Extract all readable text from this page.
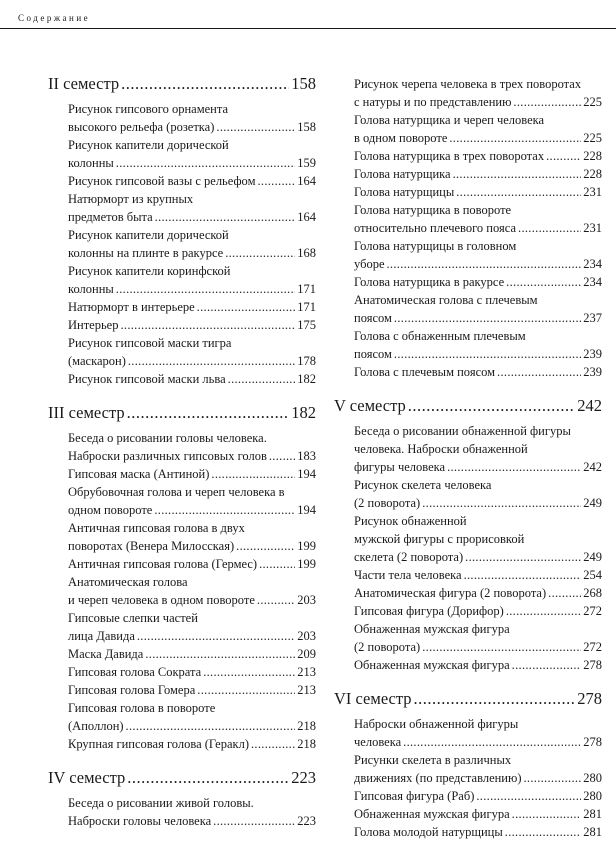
Содержание
II семестр .....	158
Рисунок гипсового орнамента
высокого рельефа (розетка) .....	158
Рисунок капители дорической
колонны .....	159
Рисунок гипсовой вазы с рельефом .....	164
Натюрморт из крупных
предметов быта .....	164
Рисунок капители дорической
колонны на плинте в ракурсе .....	168
Рисунок капители коринфской
колонны .....	171
Натюрморт в интерьере .....	171
Интерьер .....	175
Рисунок гипсовой маски тигра
(маскарон) .....	178
Рисунок гипсовой маски льва .....	182
III семестр .....	182
Беседа о рисовании головы человека.
Наброски различных гипсовых голов ..... 183
Гипсовая маска (Антиной) .....	194
Обрубовочная голова и череп человека в
одном повороте .....	194
Античная гипсовая голова в двух
поворотах (Венера Милосская) .....	199
Античная гипсовая голова (Гермес) .....	199
Анатомическая голова
и череп человека в одном повороте .....	203
Гипсовые слепки частей
лица Давида .....	203
Маска Давида .....	209
Гипсовая голова Сократа .....	213
Гипсовая голова Гомера .....	213
Гипсовая голова в повороте
(Аполлон) .....	218
Крупная гипсовая голова (Геракл) .....	218
IV семестр .....	223
Беседа о рисовании живой головы.
Наброски головы человека .....	223
Рисунок черепа человека в трех поворотах
с натуры и по представлению .....	225
Голова натурщика и череп человека
в одном повороте .....	225
Голова натурщика в трех поворотах .....	228
Голова натурщика .....	228
Голова натурщицы .....	231
Голова натурщика в повороте
относительно плечевого пояса .....	231
Голова натурщицы в головном
уборе .....	234
Голова натурщика в ракурсе .....	234
Анатомическая голова с плечевым
поясом .....	237
Голова с обнаженным плечевым
поясом .....	239
Голова с плечевым поясом .....	239
V семестр .....	242
Беседа о рисовании обнаженной фигуры
человека. Наброски обнаженной
фигуры человека .....	242
Рисунок скелета человека
(2 поворота) .....	249
Рисунок обнаженной
мужской фигуры с прорисовкой
скелета (2 поворота) .....	249
Части тела человека .....	254
Анатомическая фигура (2 поворота) .....	268
Гипсовая фигура (Дорифор) .....	272
Обнаженная мужская фигура
(2 поворота) .....	272
Обнаженная мужская фигура .....	278
VI семестр .....	278
Наброски обнаженной фигуры
человека .....	278
Рисунки скелета в различных
движениях (по представлению) .....	280
Гипсовая фигура (Раб) .....	280
Обнаженная мужская фигура .....	281
Голова молодой натурщицы .....	281
